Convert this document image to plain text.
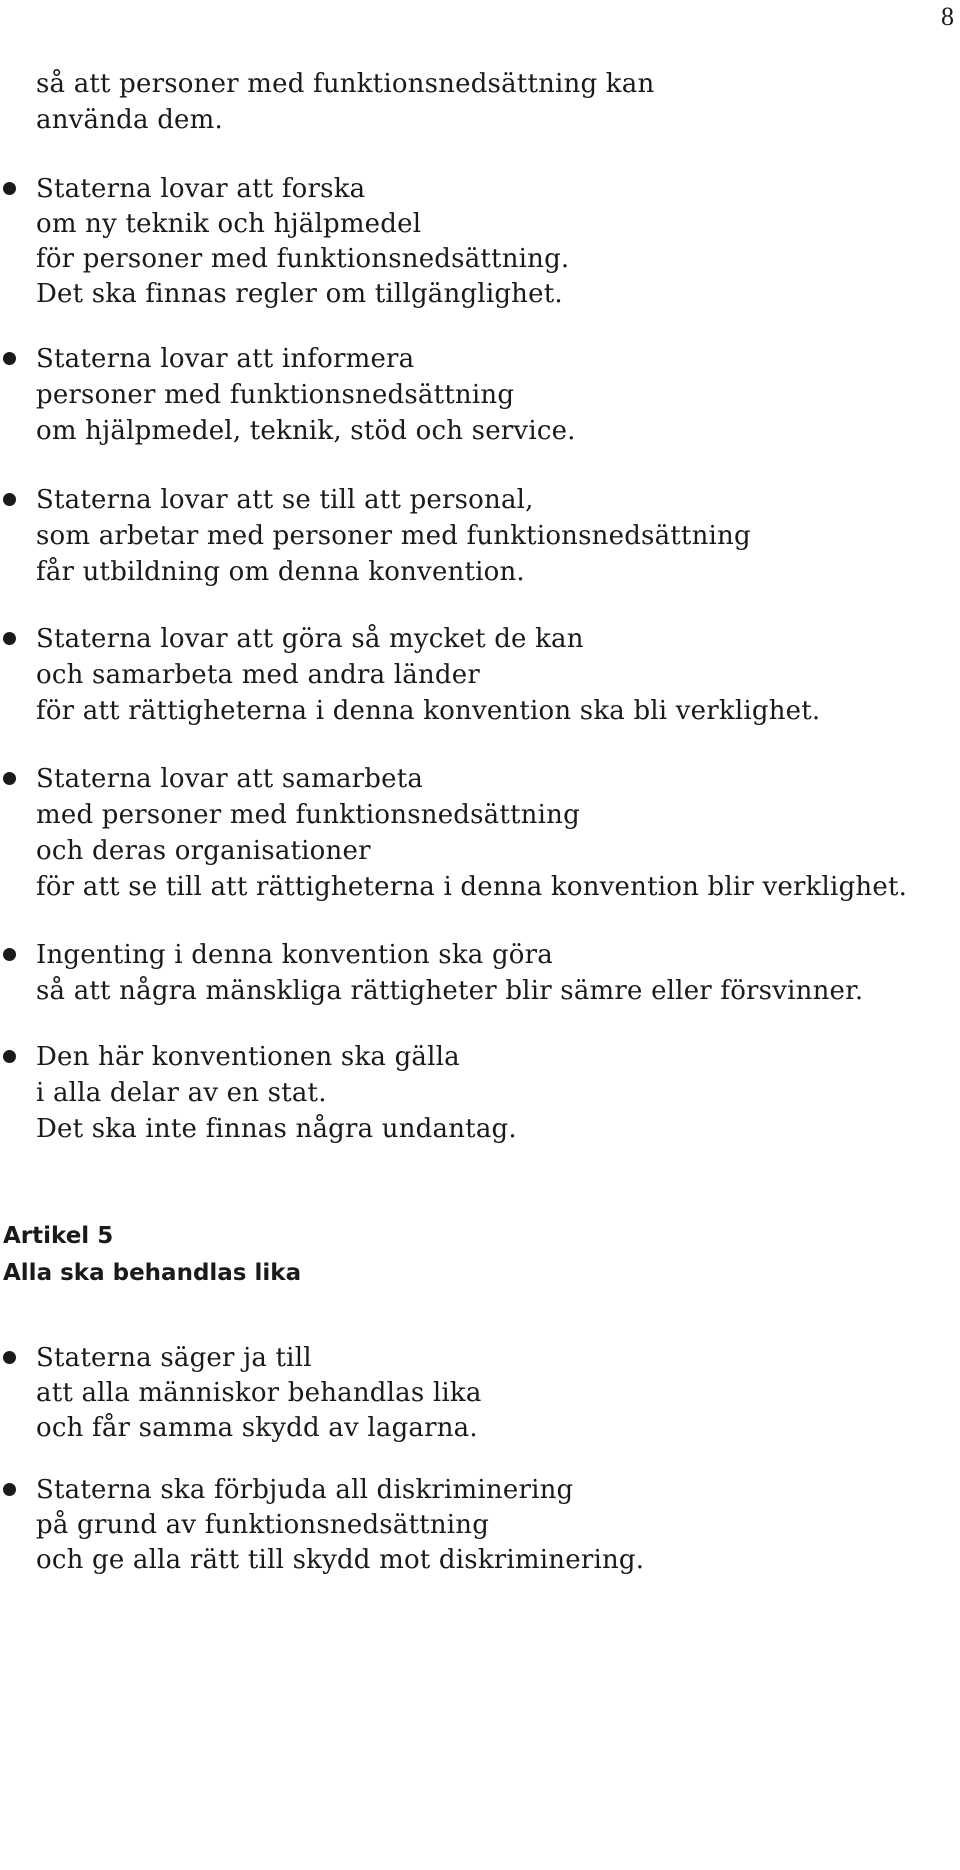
8
så att personer med funktionsnedsättning kan
använda dem.
Staterna lovar att forska
om ny teknik och hjälpmedel
för personer med funktionsnedsättning.
Det ska finnas regler om tillgänglighet.
Staterna lovar att informera
personer med funktionsnedsättning
om hjälpmedel, teknik, stöd och service.
Staterna lovar att se till att personal,
som arbetar med personer med funktionsnedsättning
får utbildning om denna konvention.
Staterna lovar att göra så mycket de kan
och samarbeta med andra länder
för att rättigheterna i denna konvention ska bli verklighet.
Staterna lovar att samarbeta
med personer med funktionsnedsättning
och deras organisationer
för att se till att rättigheterna i denna konvention blir verklighet.
Ingenting i denna konvention ska göra
så att några mänskliga rättigheter blir sämre eller försvinner.
Den här konventionen ska gälla
i alla delar av en stat.
Det ska inte finnas några undantag.
Artikel 5
Alla ska behandlas lika
Staterna säger ja till
att alla människor behandlas lika
och får samma skydd av lagarna.
Staterna ska förbjuda all diskriminering
på grund av funktionsnedsättning
och ge alla rätt till skydd mot diskriminering.
